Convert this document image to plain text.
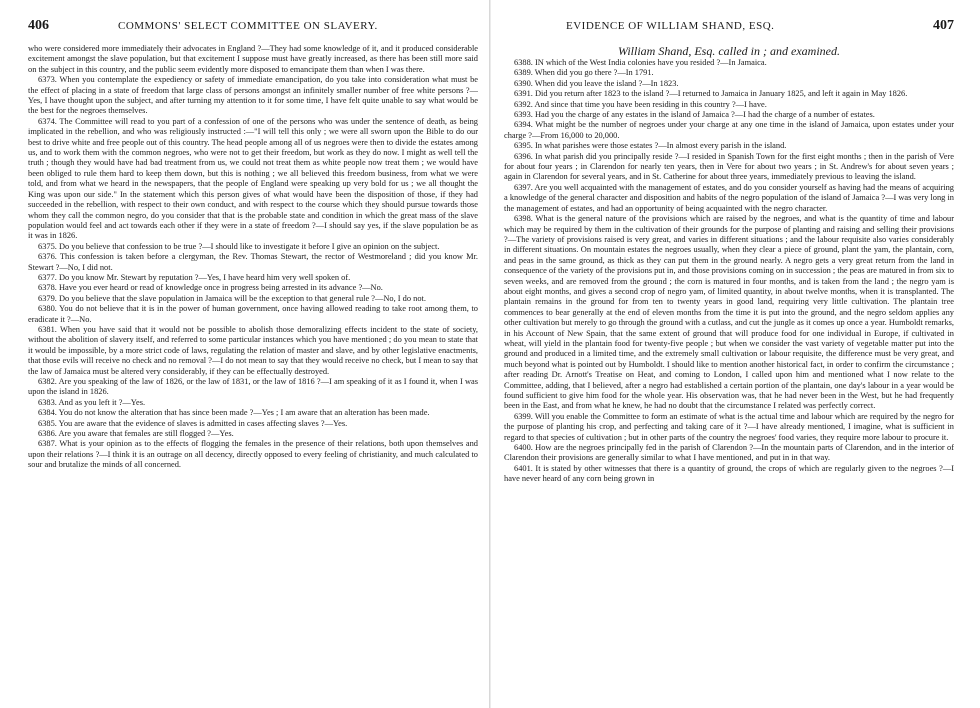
406	COMMONS' SELECT COMMITTEE ON SLAVERY.

who were considered more immediately their advocates in England ?—They had some knowledge of it, and it produced considerable excitement amongst the slave population, but that excitement I suppose must have greatly increased, as there has been still more said on the subject in this country, and the public seem evidently more disposed to emancipate them than when I was there.

6373. When you contemplate the expediency or safety of immediate emancipation, do you take into consideration what must be the effect of placing in a state of freedom that large class of persons amongst an infinitely smaller number of free white persons ?—Yes, I have thought upon the subject, and after turning my attention to it for some time, I have felt quite unable to say what would be the best for the negroes themselves.

6374. The Committee will read to you part of a confession of one of the persons who was under the sentence of death, as being implicated in the rebellion, and who was religiously instructed :—"I will tell this only ; we were all sworn upon the Bible to do our best to drive white and free people out of this country. The head people among all of us negroes were then to divide the estates among us, and to work them with the common negroes, who were not to get their freedom, but work as they do now. I might as well tell the truth ; though they would have had bad treatment from us, we could not treat them as white people now treat them ; we would have been obliged to rule them hard to keep them down, but this is nothing ; we all believed this freedom business, from what we were told, and from what we heard in the newspapers, that the people of England were speaking up very bold for us ; we all thought the King was upon our side." In the statement which this person gives of what would have been the disposition of those, if they had succeeded in the rebellion, with respect to their own conduct, and with respect to the course which they should pursue towards those whom they call the common negro, do you consider that that is the probable state and condition in which the great mass of the slave population would feel and act towards each other if they were in a state of freedom ?—I should say yes, if the slave population be as it was in 1826.

6375. Do you believe that confession to be true ?—I should like to investigate it before I give an opinion on the subject.

6376. This confession is taken before a clergyman, the Rev. Thomas Stewart, the rector of Westmoreland ; did you know Mr. Stewart ?—No, I did not.

6377. Do you know Mr. Stewart by reputation ?—Yes, I have heard him very well spoken of.

6378. Have you ever heard or read of knowledge once in progress being arrested in its advance ?—No.

6379. Do you believe that the slave population in Jamaica will be the exception to that general rule ?—No, I do not.

6380. You do not believe that it is in the power of human government, once having allowed reading to take root among them, to eradicate it ?—No.

6381. When you have said that it would not be possible to abolish those demoralizing effects incident to the state of society, without the abolition of slavery itself, and referred to some particular instances which you have mentioned ; do you mean to state that it would be impossible, by a more strict code of laws, regulating the relation of master and slave, and by other legislative enactments, that those evils will receive no check and no removal ?—I do not mean to say that they would receive no check, but I mean to say that the law of Jamaica must be altered very considerably, if they can be effectually destroyed.

6382. Are you speaking of the law of 1826, or the law of 1831, or the law of 1816 ?—I am speaking of it as I found it, when I was upon the island in 1826.

6383. And as you left it ?—Yes.

6384. You do not know the alteration that has since been made ?—Yes ; I am aware that an alteration has been made.

6385. You are aware that the evidence of slaves is admitted in cases affecting slaves ?—Yes.

6386. Are you aware that females are still flogged ?—Yes.

6387. What is your opinion as to the effects of flogging the females in the presence of their relations, both upon themselves and upon their relations ?—I think it is an outrage on all decency, directly opposed to every feeling of christianity, and much calculated to sour and brutalize the minds of all concerned.

EVIDENCE OF WILLIAM SHAND, ESQ.	407

William Shand, Esq. called in ; and examined.

6388. IN which of the West India colonies have you resided ?—In Jamaica.

6389. When did you go there ?—In 1791.

6390. When did you leave the island ?—In 1823.

6391. Did you return after 1823 to the island ?—I returned to Jamaica in January 1825, and left it again in May 1826.

6392. And since that time you have been residing in this country ?—I have.

6393. Had you the charge of any estates in the island of Jamaica ?—I had the charge of a number of estates.

6394. What might be the number of negroes under your charge at any one time in the island of Jamaica, upon estates under your charge ?—From 16,000 to 20,000.

6395. In what parishes were those estates ?—In almost every parish in the island.

6396. In what parish did you principally reside ?—I resided in Spanish Town for the first eight months ; then in the parish of Vere for about four years ; in Clarendon for nearly ten years, then in Vere for about two years ; in St. Andrew's for about seven years ; again in Clarendon for several years, and in St. Catherine for about three years, immediately previous to leaving the island.

6397. Are you well acquainted with the management of estates, and do you consider yourself as having had the means of acquiring a knowledge of the general character and disposition and habits of the negro population of the island of Jamaica ?—I was very long in the management of estates, and had an opportunity of being acquainted with the negro character.

6398. What is the general nature of the provisions which are raised by the negroes, and what is the quantity of time and labour which may be required by them in the cultivation of their grounds for the purpose of planting and raising and selling their provisions ?—The variety of provisions raised is very great, and varies in different situations ; and the labour requisite also varies considerably in different situations. On mountain estates the negroes usually, when they clear a piece of ground, plant the yam, the plantain, corn, and peas in the same ground, as thick as they can put them in the ground nearly. A negro gets a very great return from the land in consequence of the variety of the provisions put in, and those provisions coming on in succession ; the peas are matured in from six to seven weeks, and are removed from the ground ; the corn is matured in four months, and is taken from the land ; the negro yam is about eight months, and gives a second crop of negro yam, of limited quantity, in about twelve months, when it is transplanted. The plantain remains in the ground for from ten to twenty years in good land, requiring very little cultivation. The plantain tree commences to bear generally at the end of eleven months from the time it is put into the ground, and the negro seldom applies any other cultivation but merely to go through the ground with a cutlass, and cut the jungle as it comes up once a year. Humboldt remarks, in his Account of New Spain, that the same extent of ground that will produce food for one individual in Europe, if cultivated in wheat, will yield in the plantain food for twenty-five people ; but when we consider the vast variety of vegetable matter put into the ground and produced in a limited time, and the extremely small cultivation or labour requisite, the difference must be very great, and much beyond what is pointed out by Humboldt. I should like to mention another historical fact, in order to confirm the circumstance ; after reading Dr. Arnott's Treatise on Heat, and coming to London, I called upon him and mentioned what I now relate to the Committee, adding, that I believed, after a negro had established a certain portion of the plantain, one day's labour in a year would be found sufficient to give him food for the whole year. His observation was, that he had never been in the West, but he had frequently been in the East, and from what he knew, he had no doubt that the circumstance I related was perfectly correct.

6399. Will you enable the Committee to form an estimate of what is the actual time and labour which are required by the negro for the purpose of planting his crop, and perfecting and taking care of it ?—I have already mentioned, I imagine, what is sufficient in regard to that species of cultivation ; but in other parts of the country the negroes' food varies, they require more labour to procure it.

6400. How are the negroes principally fed in the parish of Clarendon ?—In the mountain parts of Clarendon, and in the interior of Clarendon their provisions are generally similar to what I have mentioned, and put in in that way.

6401. It is stated by other witnesses that there is a quantity of ground, the crops of which are regularly given to the negroes ?—I have never heard of any corn being grown in
